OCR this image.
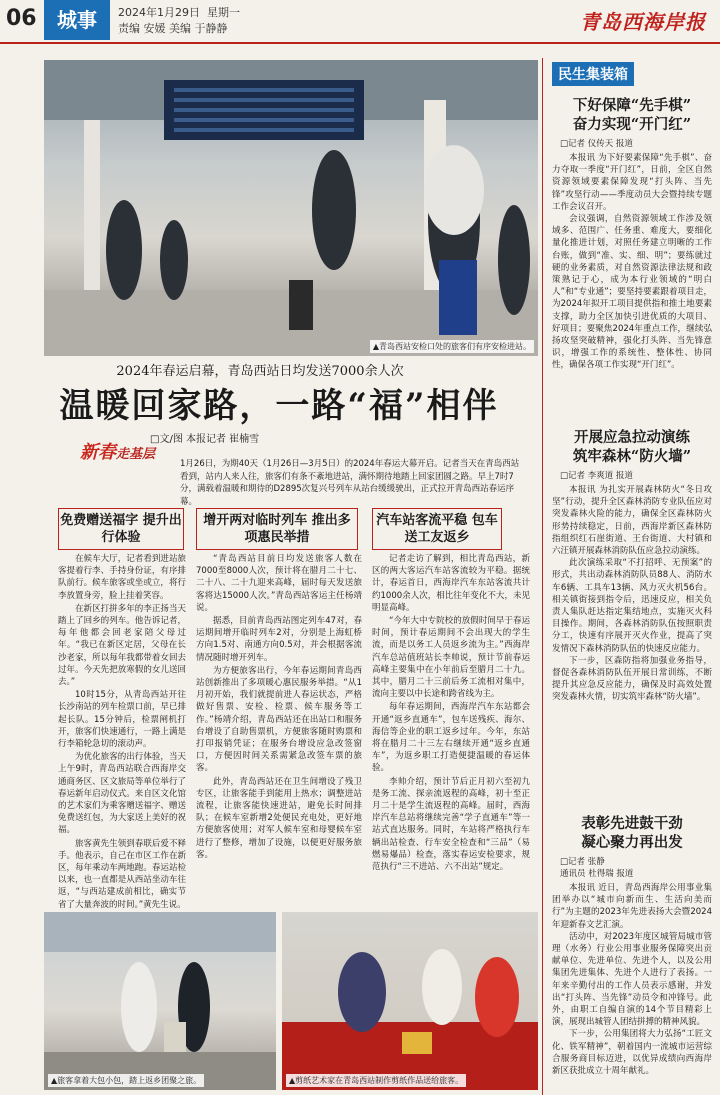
06	城事	2024年1月29日 星期一
责编 安媛 美编 于静静	青岛西海岸报
▲青岛西站安检口处的旅客们有序安检进站。
2024年春运启幕，青岛西站日均发送7000余人次
温暖回家路，一路“福”相伴
□文/图 本报记者 崔楠雪
新春走基层
1月26日，为期40天（1月26日—3月5日）的2024年春运大幕开启。记者当天在青岛西站看到，站内人来人往，旅客们有条不紊地进站，满怀期待地踏上回家团圆之路。早上7时7分，满载着温暖和期待的D2895次复兴号列车从站台缓缓驶出，正式拉开青岛西站春运序幕。
免费赠送福字 提升出行体验
增开两对临时列车 推出多项惠民举措
汽车站客流平稳 包车送工友返乡

在候车大厅，记者看到进站旅客提着行李、手持身份证，有序排队前行。候车旅客或坐或立，将行李放置身旁，脸上挂着笑容。

在新区打拼多年的李正扬当天踏上了回乡的列车。他告诉记者，每年他都会回老家陪父母过年。“我已在新区定居，父母在长沙老家，所以每年我都带着女回去过年。今天先把放寒假的女儿送回去。”

10时15分，从青岛西站开往长沙南站的列车检票口前，早已排起长队。15分钟后，检票闸机打开，旅客们快速通行，一路上满是行李箱轮急切的滚动声。

为优化旅客的出行体验，当天上午9时，青岛西站联合西海岸交通商务区、区文旅局等单位举行了春运新年启动仪式。来自区文化馆的艺术家们为乘客赠送福字、赠送免费送红包，为大家送上美好的祝福。

旅客黄先生领到春联后爱不释手。他表示，自己在市区工作在新区，每年乘动车两地跑。春运站检以来，也一直都是从西站坐动车往返，“与西站建成前相比，确实节省了大量奔波的时间。”黄先生说。

“青岛西站目前日均发送旅客人数在7000至8000人次，预计将在腊月二十七、二十八、二十九迎来高峰，届时每天发送旅客将达15000人次。”青岛西站客运主任杨靖说。

据悉，目前青岛西站图定列车47对，春运期间增开临时列车2对，分别是上海虹桥方向1.5对、南通方向0.5对，并会根据客流情况随时增开列车。

为方便旅客出行，今年春运期间青岛西站创新推出了多项暖心惠民服务举措。“从1月初开始，我们就提前进人春运状态，严格做好售票、安检、检票、候车服务等工作。”杨靖介绍，青岛西站还在出站口和服务台增设了自助售票机，方便旅客随时购票和打印报销凭证；在服务台增设应急改签窗口，方便因时间关系需紧急改签车票的旅客。

此外，青岛西站还在卫生间增设了残卫专区，让旅客能手到能用上热水；调整进站流程，让旅客能快速进站，避免长时间排队；在候车室新增2处便民充电处，更好地方便旅客使用；对军人候车室和母婴候车室进行了整修，增加了设施，以便更好服务旅客。

记者走访了解到，相比青岛西站，新区的两大客运汽车站客流较为平稳。据统计，春运首日，西海岸汽车东站客流共计约1000余人次，相比往年变化不大，未见明显高峰。

“今年大中专院校的放假时间早于春运时间，预计春运期间不会出现大的学生流，而是以务工人员返乡流为主。”西海岸汽车总站值班站长李帅说，预计节前春运高峰主要集中在小年前后至腊月二十九。其中，腊月二十三前后务工流相对集中，流向主要以中长途和跨省线为主。

每年春运期间，西海岸汽车东站都会开通“返乡直通车”，包车送残疾、海尔、海信等企业的职工返乡过年。今年，东站将在腊月二十三左右继续开通“返乡直通车”，为返乡职工打造便捷温暖的春运体验。

李帅介绍，预计节后正月初六至初九是务工流、探亲流返程的高峰，初十至正月二十是学生流返程的高峰。届时，西海岸汽车总站将继续完善“学子直通车”等一站式直达服务。同时，车站将严格执行车辆出站检查、行车安全检查和“三品”（易燃易爆品）检查，落实春运安检要求，规范执行“三不进站、六不出站”规定。

▲旅客拿着大包小包，踏上返乡团聚之旅。	▲剪纸艺术家在青岛西站制作剪纸作品送给旅客。
民生集装箱
下好保障“先手棋”
奋力实现“开门红”
□记者 仪传天 报道

本报讯 为下好要素保障“先手棋”、奋力夺取一季度“开门红”，日前，全区自然资源领域要素保障发现“打头阵、当先锋”攻坚行动——季度动员大会暨持续专题工作会议召开。

会议强调，自然资源领域工作涉及领域多、范围广、任务重、难度大，要细化量化推进计划，对照任务建立明晰的工作台账，做到“准、实、细、明”；要练就过硬的业务素质，对自然资源法律法规和政策熟记于心，成为本行业领域的“明白人”和“专业通”；要坚持要素跟着项目走，为2024年拟开工项目提供指和推土地要素支撑，助力全区加快引进优质的大项目、好项目；要聚焦2024年重点工作，继续弘扬攻坚突破精神，强化打头阵、当先锋意识，增强工作的系统性、整体性、协同性，确保各项工作实现“开门红”。

开展应急拉动演练
筑牢森林“防火墙”
□记者 李爽道 报道

本报讯 为扎实开展森林防火“冬日攻坚”行动，提升全区森林消防专业队伍应对突发森林火险的能力，确保全区森林防火形势持续稳定，日前，西海岸新区森林防指组织红石崖街道、王台街道、大村镇和六汪镇开展森林消防队伍应急拉动演练。

此次演练采取“不打招呼、无预案”的形式，共出动森林消防队员88人、消防水车6辆、工具车13辆、风力灭火机56台。相关镇街接到指令后，迅速反应，相关负责人集队赶达指定集结地点，实施灭火科目操作。期间，各森林消防队伍按照职责分工，快速有序展开灭火作业，提高了突发情况下森林消防队伍的快速反应能力。

下一步，区森防指将加强业务指导，督促各森林消防队伍开展日常训练，不断提升其应急反应能力，确保及时高效处置突发森林火情，切实筑牢森林“防火墙”。

表彰先进鼓干劲
凝心聚力再出发
□记者 张静
通讯员 杜得瑞 报道

本报讯 近日，青岛西海岸公用事业集团举办以“城市向新而生、生活向美而行”为主题的2023年先进表扬大会暨2024年迎新春文艺汇演。

活动中，对2023年度区城管局城市管理（水务）行业公用事业服务保障突出贡献单位、先进单位、先进个人，以及公用集团先进集体、先进个人进行了表扬。一年来辛勤付出的工作人员表示感谢，并发出“打头阵、当先锋”动员令和冲锋号。此外，由职工自编自演的14个节目精彩上演，展现出城管人团结拼搏的精神风貌。

下一步，公用集团将大力弘扬“工匠文化、铁军精神”，朝着国内一流城市运营综合服务商目标迈进，以优异成绩向西海岸新区获批成立十周年献礼。
